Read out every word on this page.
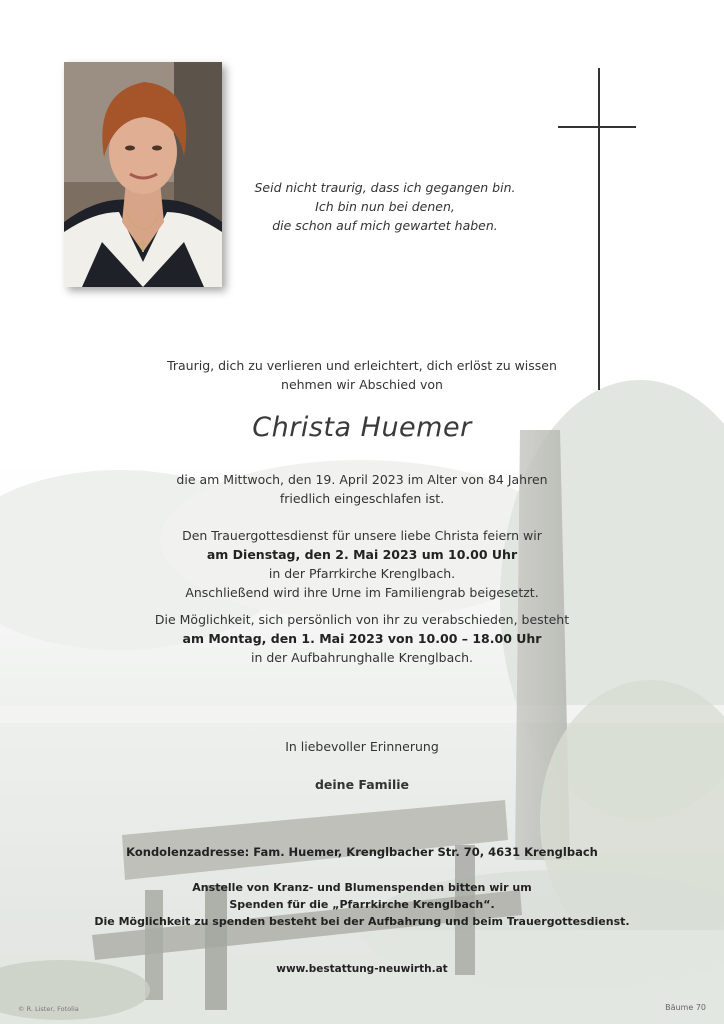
Seid nicht traurig, dass ich gegangen bin.
Ich bin nun bei denen,
die schon auf mich gewartet haben.
Traurig, dich zu verlieren und erleichtert, dich erlöst zu wissen
nehmen wir Abschied von
Christa Huemer
die am Mittwoch, den 19. April 2023 im Alter von 84 Jahren
friedlich eingeschlafen ist.
Den Trauergottesdienst für unsere liebe Christa feiern wir
am Dienstag, den 2. Mai 2023 um 10.00 Uhr
in der Pfarrkirche Krenglbach.
Anschließend wird ihre Urne im Familiengrab beigesetzt.
Die Möglichkeit, sich persönlich von ihr zu verabschieden, besteht
am Montag, den 1. Mai 2023 von 10.00 – 18.00 Uhr
in der Aufbahrunghalle Krenglbach.
In liebevoller Erinnerung
deine Familie
Kondolenzadresse: Fam. Huemer, Krenglbacher Str. 70, 4631 Krenglbach
Anstelle von Kranz- und Blumenspenden bitten wir um
Spenden für die „Pfarrkirche Krenglbach“.
Die Möglichkeit zu spenden besteht bei der Aufbahrung und beim Trauergottesdienst.
www.bestattung-neuwirth.at
© R. Lister, Fotolia	Bäume 70
